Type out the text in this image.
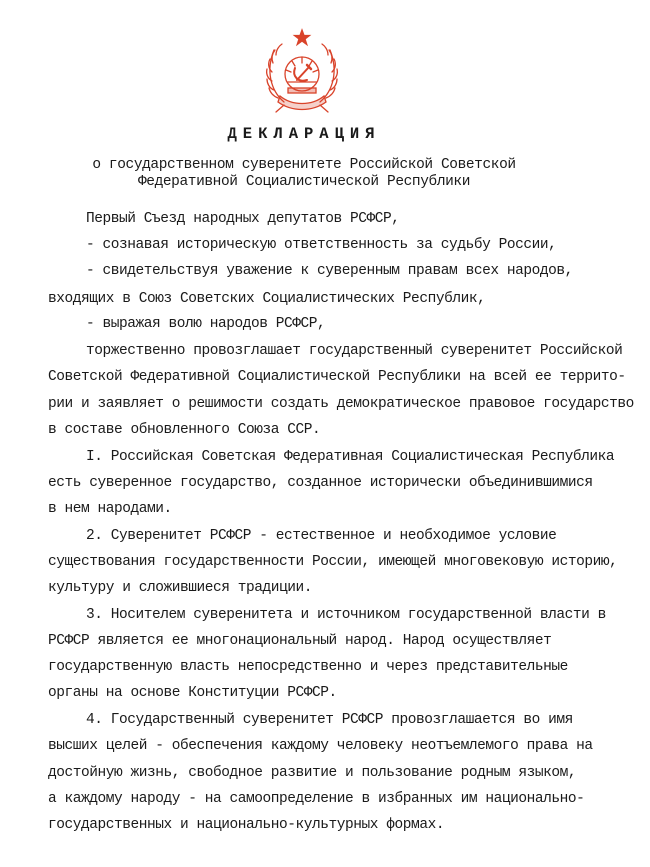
ДЕКЛАРАЦИЯ

о государственном суверенитете Российской Советской

Федеративной Социалистической Республики

Первый Съезд народных депутатов РСФСР,

- сознавая историческую ответственность за судьбу России,

- свидетельствуя уважение к суверенным правам всех народов,

входящих в Союз Советских Социалистических Республик,

- выражая волю народов РСФСР,

торжественно провозглашает государственный суверенитет Российской

Советской Федеративной Социалистической Республики на всей ее террито-

рии и заявляет о решимости создать демократическое правовое государство

в составе обновленного Союза ССР.

I. Российская Советская Федеративная Социалистическая Республика

есть суверенное государство, созданное исторически объединившимися

в нем народами.

2. Суверенитет РСФСР - естественное и необходимое условие

существования государственности России, имеющей многовековую историю,

культуру и сложившиеся традиции.

3. Носителем суверенитета и источником государственной власти в

РСФСР является ее многонациональный народ. Народ осуществляет

государственную власть непосредственно и через представительные

органы на основе Конституции РСФСР.

4. Государственный суверенитет РСФСР провозглашается во имя

высших целей - обеспечения каждому человеку неотъемлемого права на

достойную жизнь, свободное развитие и пользование родным языком,

а каждому народу - на самоопределение в избранных им национально-

государственных и национально-культурных формах.
